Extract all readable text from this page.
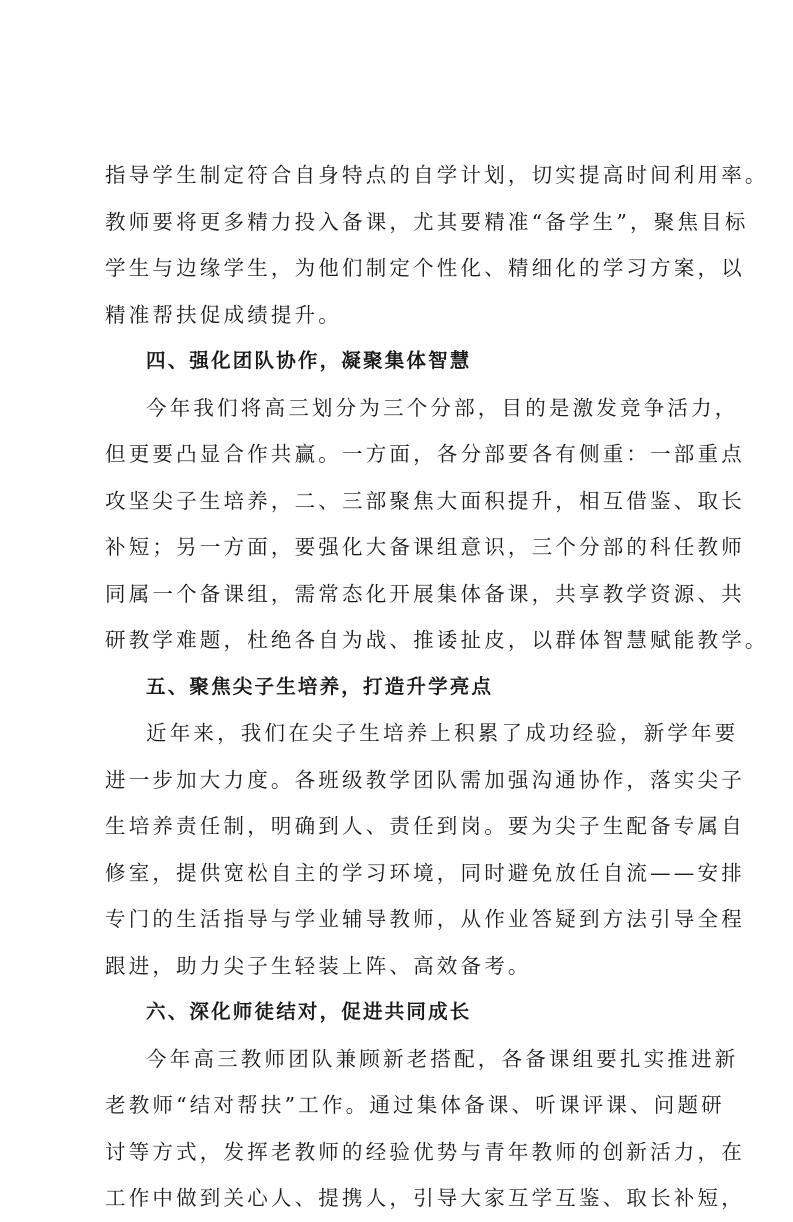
指导学生制定符合自身特点的自学计划，切实提高时间利用率。
教师要将更多精力投入备课，尤其要精准“备学生”，聚焦目标
学生与边缘学生，为他们制定个性化、精细化的学习方案，以
精准帮扶促成绩提升。
四、强化团队协作，凝聚集体智慧
今年我们将高三划分为三个分部，目的是激发竞争活力，
但更要凸显合作共赢。一方面，各分部要各有侧重：一部重点
攻坚尖子生培养，二、三部聚焦大面积提升，相互借鉴、取长
补短；另一方面，要强化大备课组意识，三个分部的科任教师
同属一个备课组，需常态化开展集体备课，共享教学资源、共
研教学难题，杜绝各自为战、推诿扯皮，以群体智慧赋能教学。
五、聚焦尖子生培养，打造升学亮点
近年来，我们在尖子生培养上积累了成功经验，新学年要
进一步加大力度。各班级教学团队需加强沟通协作，落实尖子
生培养责任制，明确到人、责任到岗。要为尖子生配备专属自
修室，提供宽松自主的学习环境，同时避免放任自流——安排
专门的生活指导与学业辅导教师，从作业答疑到方法引导全程
跟进，助力尖子生轻装上阵、高效备考。
六、深化师徒结对，促进共同成长
今年高三教师团队兼顾新老搭配，各备课组要扎实推进新
老教师“结对帮扶”工作。通过集体备课、听课评课、问题研
讨等方式，发挥老教师的经验优势与青年教师的创新活力，在
工作中做到关心人、提携人，引导大家互学互鉴、取长补短，
